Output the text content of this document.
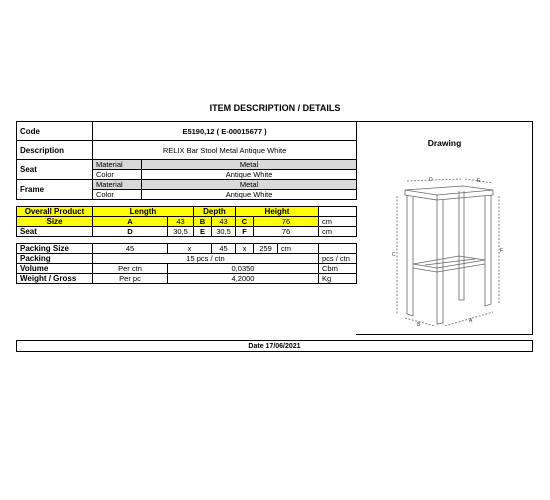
ITEM DESCRIPTION / DETAILS
Code	E5190,12 ( E-00015677 )								
Description	RELIX Bar Stool Metal Antique White								
Seat	Material	Metal							
	Color	Antique White							
Frame	Material	Metal							
	Color	Antique White							

Overall Product	Length			Depth		Height			
Size	A		43	B	43	C	76		cm
Seat	D		30,5	E	30,5	F	76		cm

Packing Size	45		x		45	x	259	cm	
Packing	15 pcs / ctn								pcs / ctn
Volume	Per ctn		0,0350						Cbm
Weight / Gross	Per pc		4,2000						Kg
Drawing
D	E
C
F
A
B
Date 17/06/2021
